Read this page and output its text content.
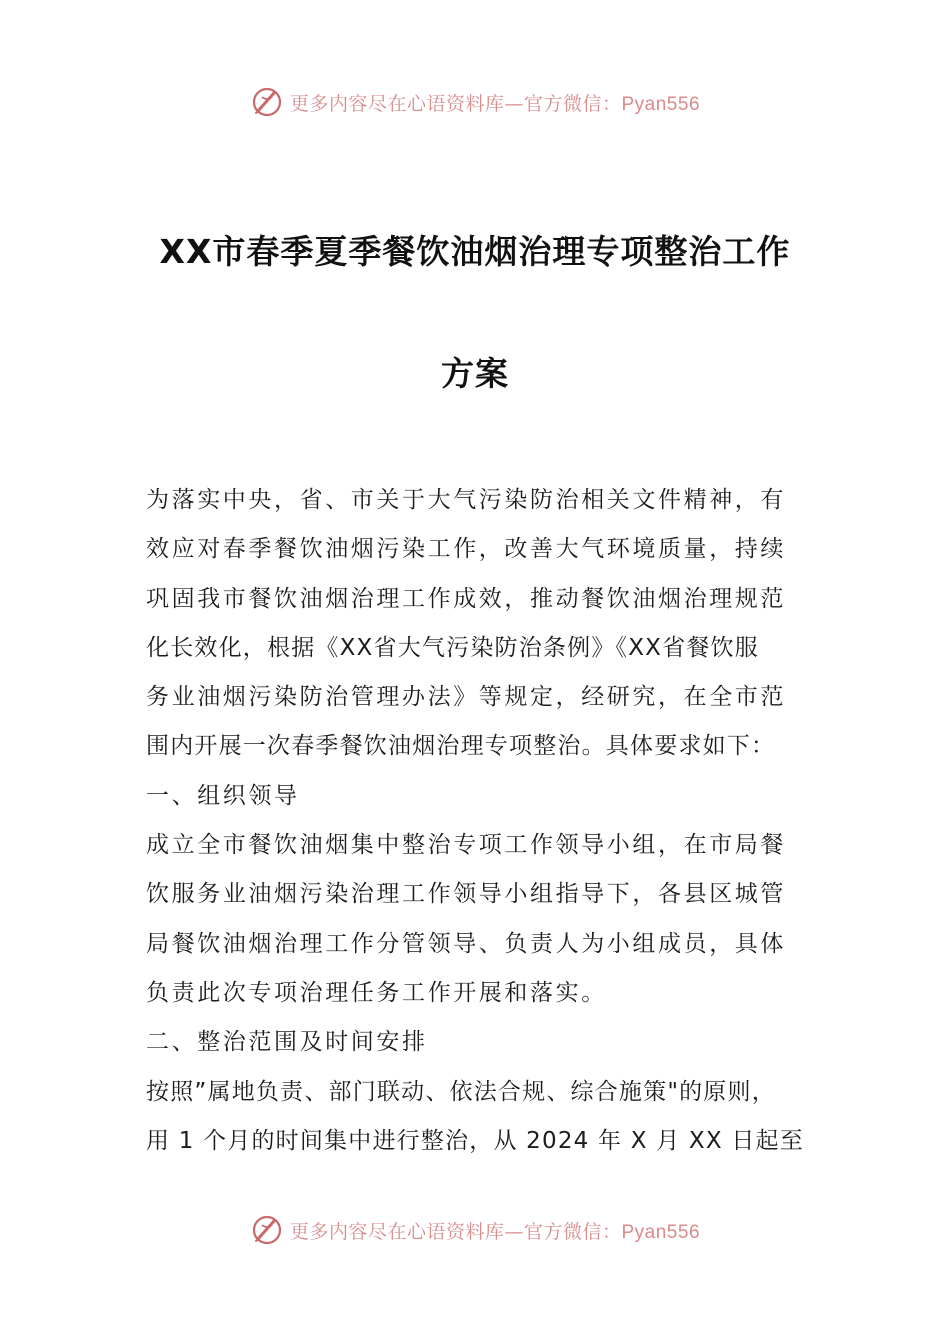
更多内容尽在心语资料库—官方微信：Pyan556
XX市春季夏季餐饮油烟治理专项整治工作
方案
为落实中央，省、市关于大气污染防治相关文件精神，有
效应对春季餐饮油烟污染工作，改善大气环境质量，持续
巩固我市餐饮油烟治理工作成效，推动餐饮油烟治理规范
化长效化，根据《XX省大气污染防治条例》《XX省餐饮服
务业油烟污染防治管理办法》等规定，经研究，在全市范
围内开展一次春季餐饮油烟治理专项整治。具体要求如下：
一、组织领导
成立全市餐饮油烟集中整治专项工作领导小组，在市局餐
饮服务业油烟污染治理工作领导小组指导下，各县区城管
局餐饮油烟治理工作分管领导、负责人为小组成员，具体
负责此次专项治理任务工作开展和落实。
二、整治范围及时间安排
按照”属地负责、部门联动、依法合规、综合施策"的原则，
用 1 个月的时间集中进行整治，从 2024 年 X 月 XX 日起至
更多内容尽在心语资料库—官方微信：Pyan556
